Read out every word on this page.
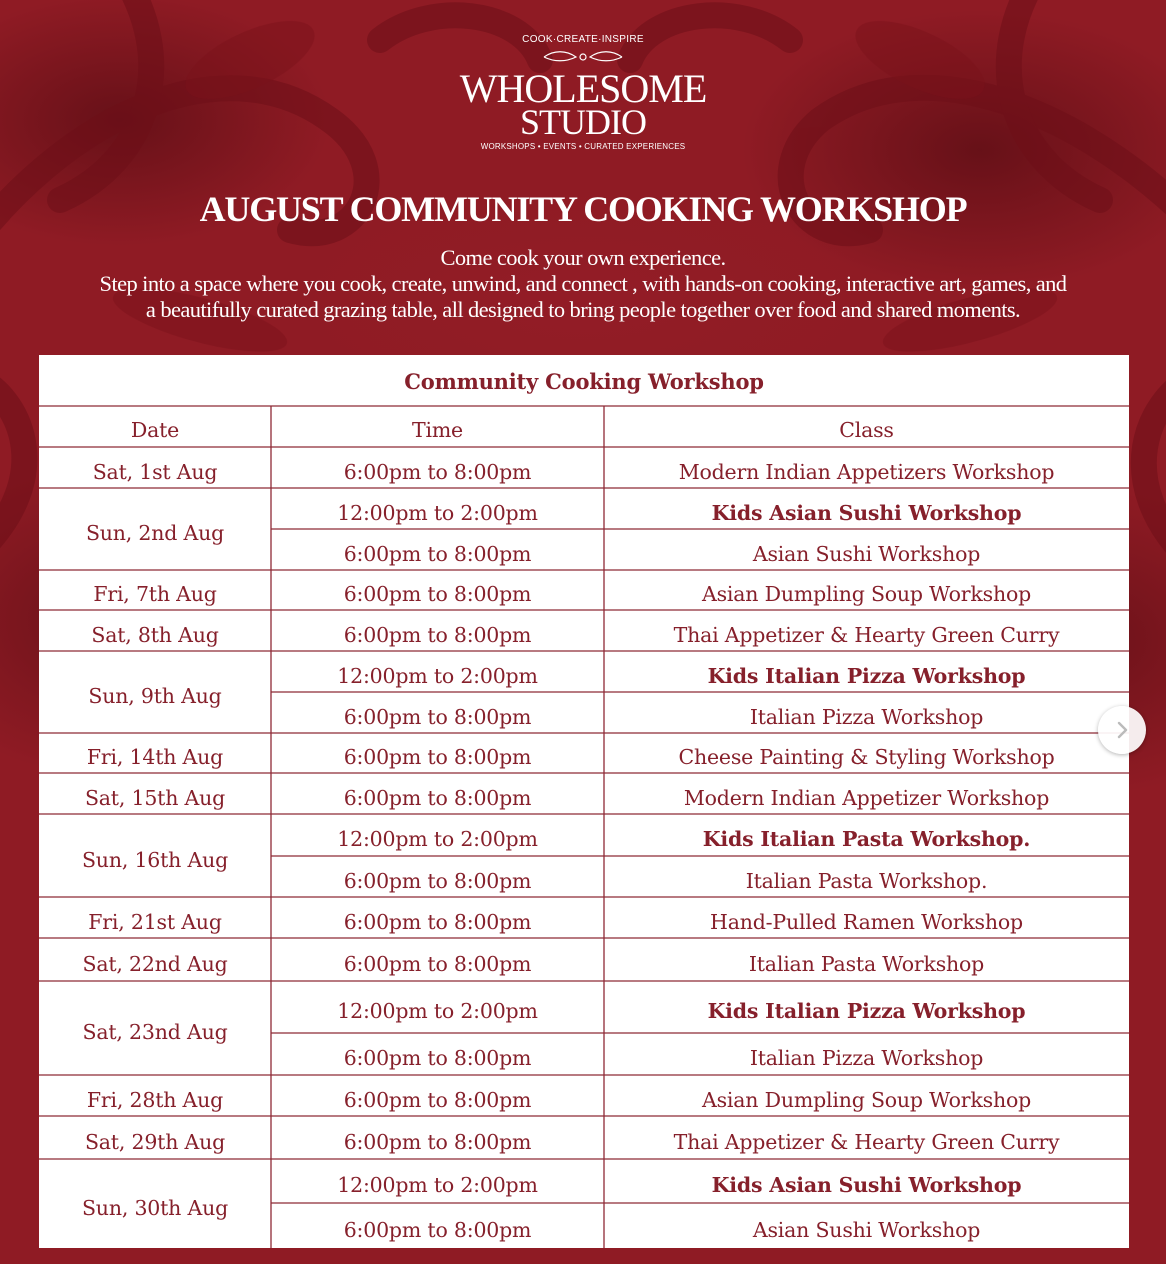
COOK·CREATE·INSPIRE
WHOLESOME
STUDIO
WORKSHOPS • EVENTS • CURATED EXPERIENCES
AUGUST COMMUNITY COOKING WORKSHOP
Come cook your own experience.
Step into a space where you cook, create, unwind, and connect , with hands-on cooking, interactive art, games, and
a beautifully curated grazing table, all designed to bring people together over food and shared moments.
Community Cooking Workshop
Date	Time	Class
Sat, 1st Aug	6:00pm to 8:00pm	Modern Indian Appetizers Workshop
Sun, 2nd Aug
12:00pm to 2:00pm	Kids Asian Sushi Workshop
6:00pm to 8:00pm	Asian Sushi Workshop
Fri, 7th Aug	6:00pm to 8:00pm	Asian Dumpling Soup Workshop
Sat, 8th Aug	6:00pm to 8:00pm	Thai Appetizer & Hearty Green Curry
Sun, 9th Aug
12:00pm to 2:00pm	Kids Italian Pizza Workshop
6:00pm to 8:00pm	Italian Pizza Workshop
Fri, 14th Aug	6:00pm to 8:00pm	Cheese Painting & Styling Workshop
Sat, 15th Aug	6:00pm to 8:00pm	Modern Indian Appetizer Workshop
Sun, 16th Aug
12:00pm to 2:00pm	Kids Italian Pasta Workshop.
6:00pm to 8:00pm	Italian Pasta Workshop.
Fri, 21st Aug	6:00pm to 8:00pm	Hand-Pulled Ramen Workshop
Sat, 22nd Aug	6:00pm to 8:00pm	Italian Pasta Workshop
Sat, 23nd Aug
12:00pm to 2:00pm	Kids Italian Pizza Workshop
6:00pm to 8:00pm	Italian Pizza Workshop
Fri, 28th Aug	6:00pm to 8:00pm	Asian Dumpling Soup Workshop
Sat, 29th Aug	6:00pm to 8:00pm	Thai Appetizer & Hearty Green Curry
Sun, 30th Aug
12:00pm to 2:00pm	Kids Asian Sushi Workshop
6:00pm to 8:00pm	Asian Sushi Workshop
